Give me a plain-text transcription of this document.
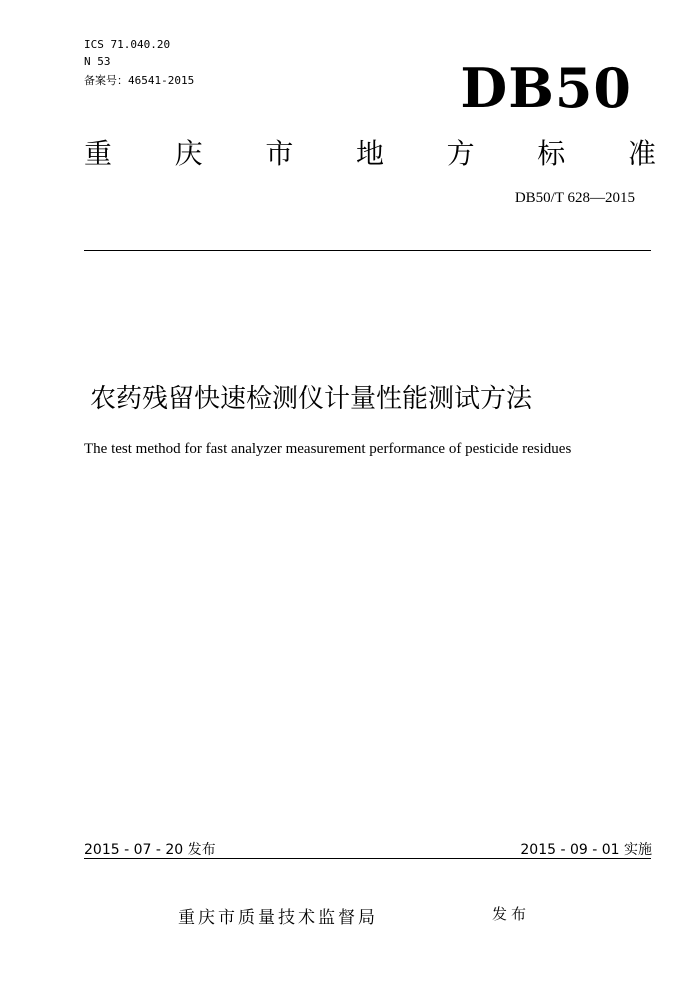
ICS 71.040.20
N 53
备案号：46541-2015	DB50
重 庆 市 地 方 标 准
DB50/T 628—2015
农药残留快速检测仪计量性能测试方法
The test method for fast analyzer measurement performance of pesticide residues
2015 - 07 - 20 发布	2015 - 09 - 01 实施
重庆市质量技术监督局	发布
